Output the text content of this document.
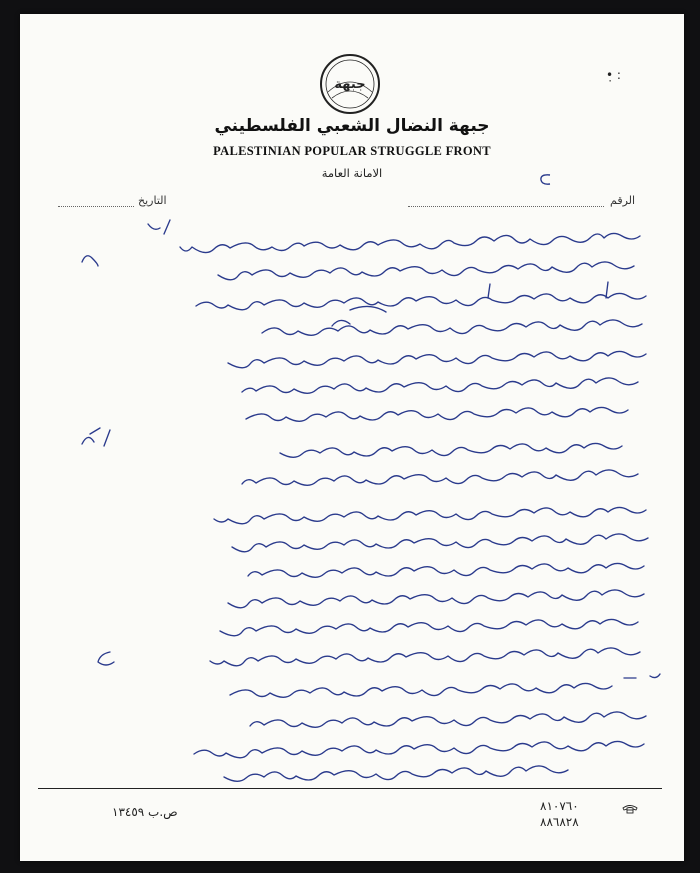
جبهة
جبهة النضال الشعبي الفلسطيني
PALESTINIAN POPULAR STRUGGLE FRONT
الامانة العامة
الرقم
التاريخ
•̣ ꞉
ص.ب ١٣٤٥٩	٨١٠٧٦٠
٨٨٦٨٢٨
